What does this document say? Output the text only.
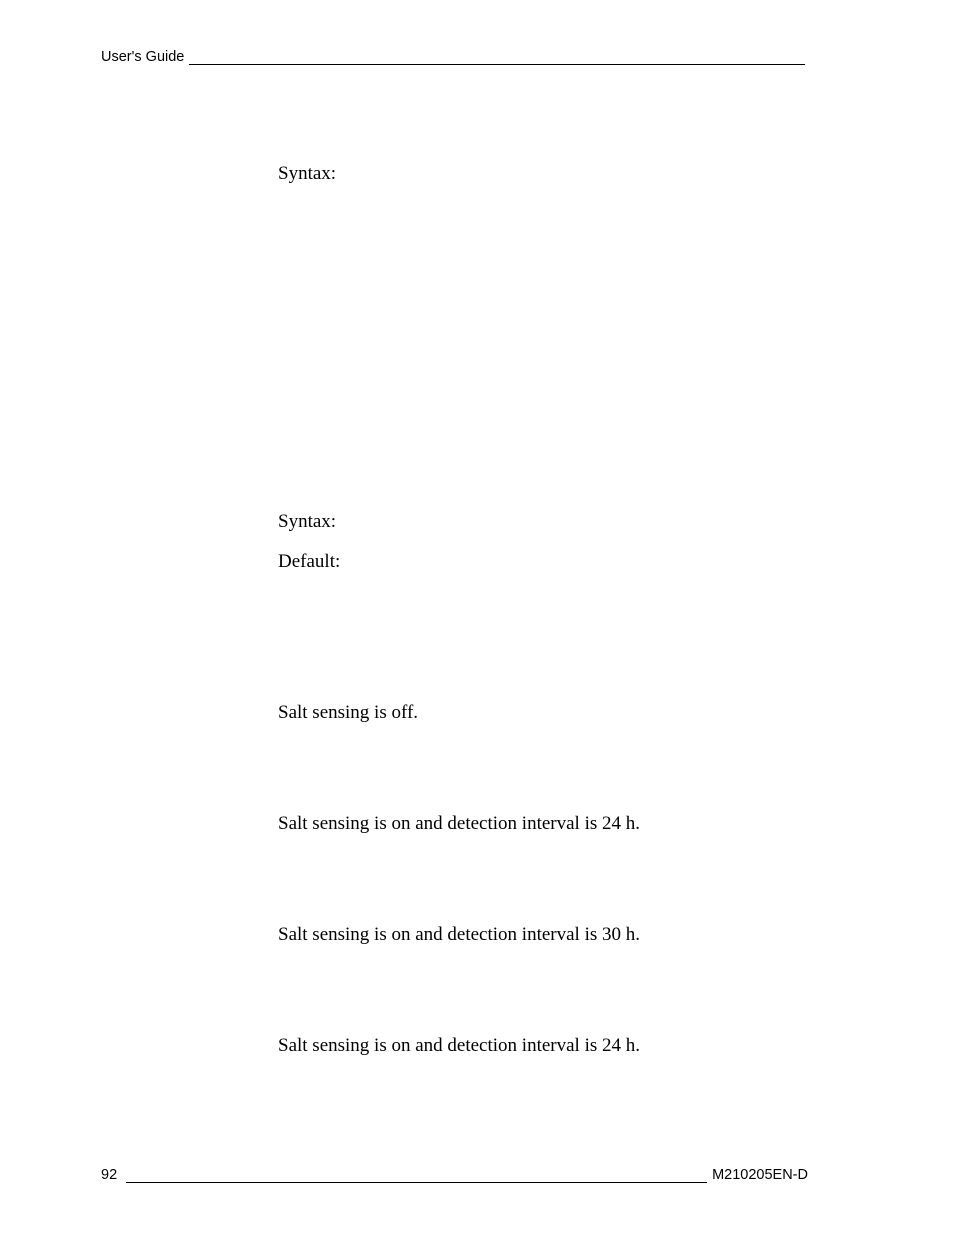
User's Guide
Syntax:
Syntax:
Default:
Salt sensing is off.
Salt sensing is on and detection interval is 24 h.
Salt sensing is on and detection interval is 30 h.
Salt sensing is on and detection interval is 24 h.
92	M210205EN-D
